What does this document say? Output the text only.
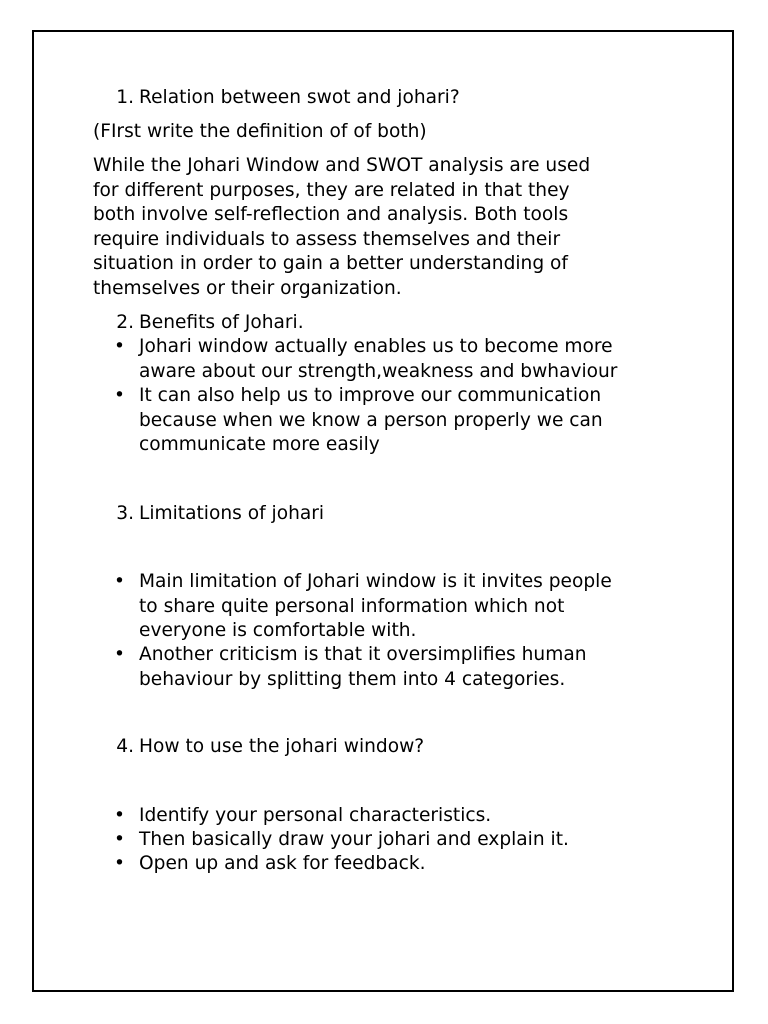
1. Relation between swot and johari?
(FIrst write the definition of of both)
While the Johari Window and SWOT analysis are used
for different purposes, they are related in that they
both involve self-reflection and analysis. Both tools
require individuals to assess themselves and their
situation in order to gain a better understanding of
themselves or their organization.
2. Benefits of Johari.
• Johari window actually enables us to become more
aware about our strength,weakness and bwhaviour
• It can also help us to improve our communication
because when we know a person properly we can
communicate more easily
3. Limitations of johari
• Main limitation of Johari window is it invites people
to share quite personal information which not
everyone is comfortable with.
• Another criticism is that it oversimplifies human
behaviour by splitting them into 4 categories.
4. How to use the johari window?
• Identify your personal characteristics.
• Then basically draw your johari and explain it.
• Open up and ask for feedback.
